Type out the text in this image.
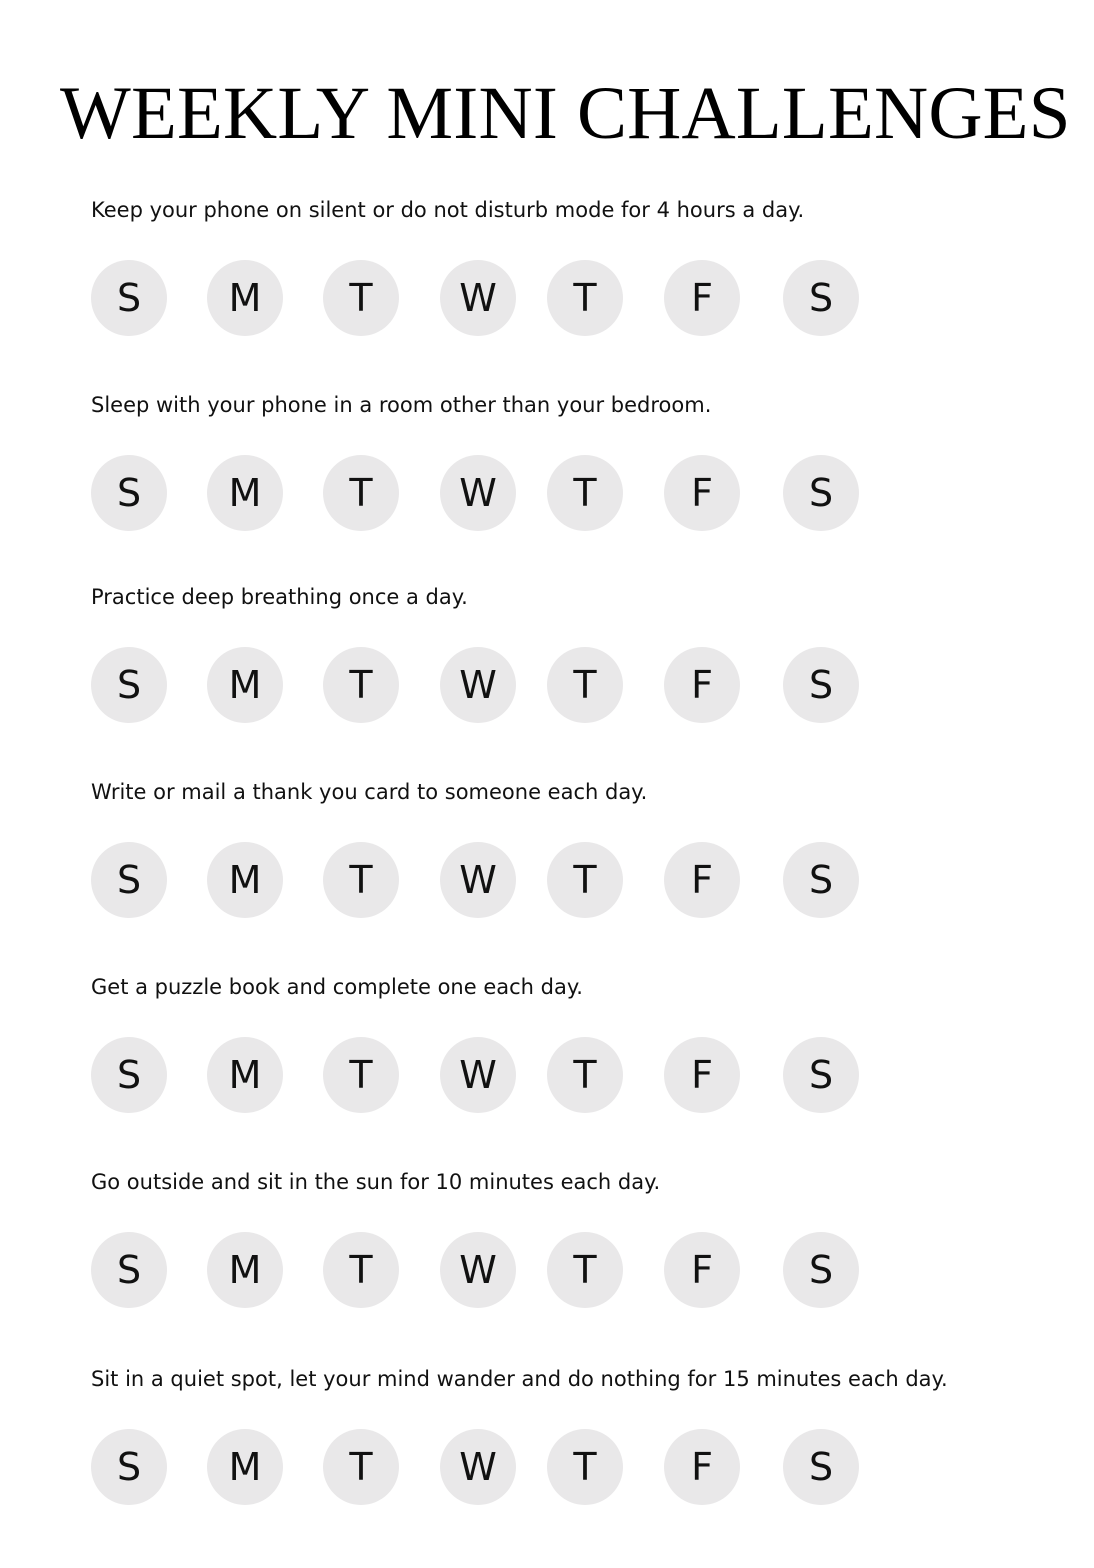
WEEKLY MINI CHALLENGES

Keep your phone on silent or do not disturb mode for 4 hours a day.

S	M	T	W	T	F	S

Sleep with your phone in a room other than your bedroom.

S	M	T	W	T	F	S

Practice deep breathing once a day.

S	M	T	W	T	F	S

Write or mail a thank you card to someone each day.

S	M	T	W	T	F	S

Get a puzzle book and complete one each day.

S	M	T	W	T	F	S

Go outside and sit in the sun for 10 minutes each day.

S	M	T	W	T	F	S

Sit in a quiet spot, let your mind wander and do nothing for 15 minutes each day.

S	M	T	W	T	F	S
